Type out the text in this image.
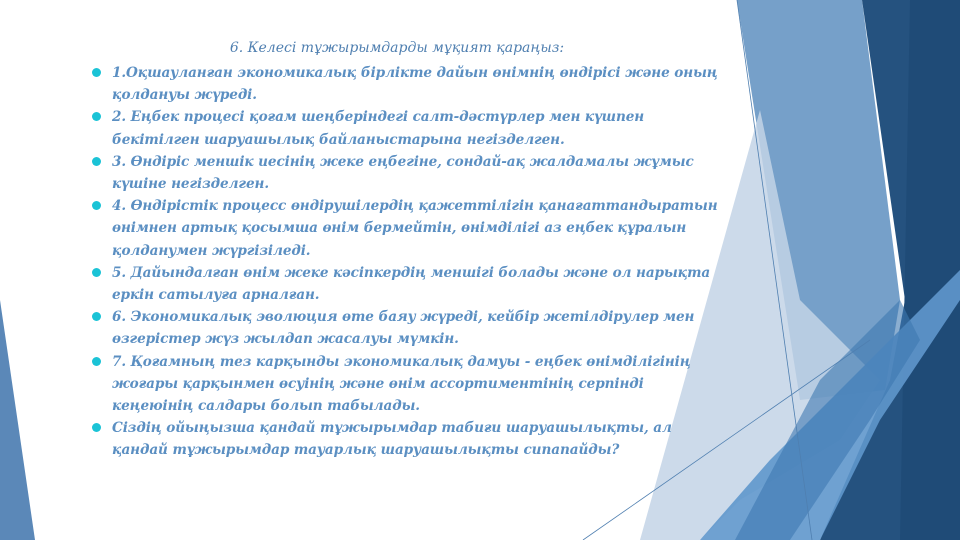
6. Келесі тұжырымдарды мұқият қараңыз:
1.Оқшауланған экономикалық бірлікте дайын өнімнің өндірісі және оның қолдануы жүреді.
2. Еңбек процесі қоғам шеңберіндегі салт-дәстүрлер мен күшпен бекітілген шаруашылық байланыстарына негізделген.
3. Өндіріс меншік иесінің жеке еңбегіне, сондай-ақ жалдамалы жұмыс күшіне негізделген.
4. Өндірістік процесс өндірушілердің қажеттілігін қанағаттандыратын өнімнен артық қосымша өнім бермейтін, өнімділігі аз еңбек құралын қолданумен жүргізіледі.
5. Дайындалған өнім жеке кәсіпкердің меншігі болады және ол нарықта еркін сатылуға арналған.
6. Экономикалық эволюция өте баяу жүреді, кейбір жетілдірулер мен өзгерістер жүз жылдап жасалуы мүмкін.
7. Қоғамның тез карқынды экономикалық дамуы - еңбек өнімділігінің жоғары қарқынмен өсуінің және өнім ассортиментінің серпінді кеңеюінің салдары болып табылады.
Сіздің ойыңызша қандай тұжырымдар табиғи шаруашылықты, ал қандай тұжырымдар тауарлық шаруашылықты сипапайды?
